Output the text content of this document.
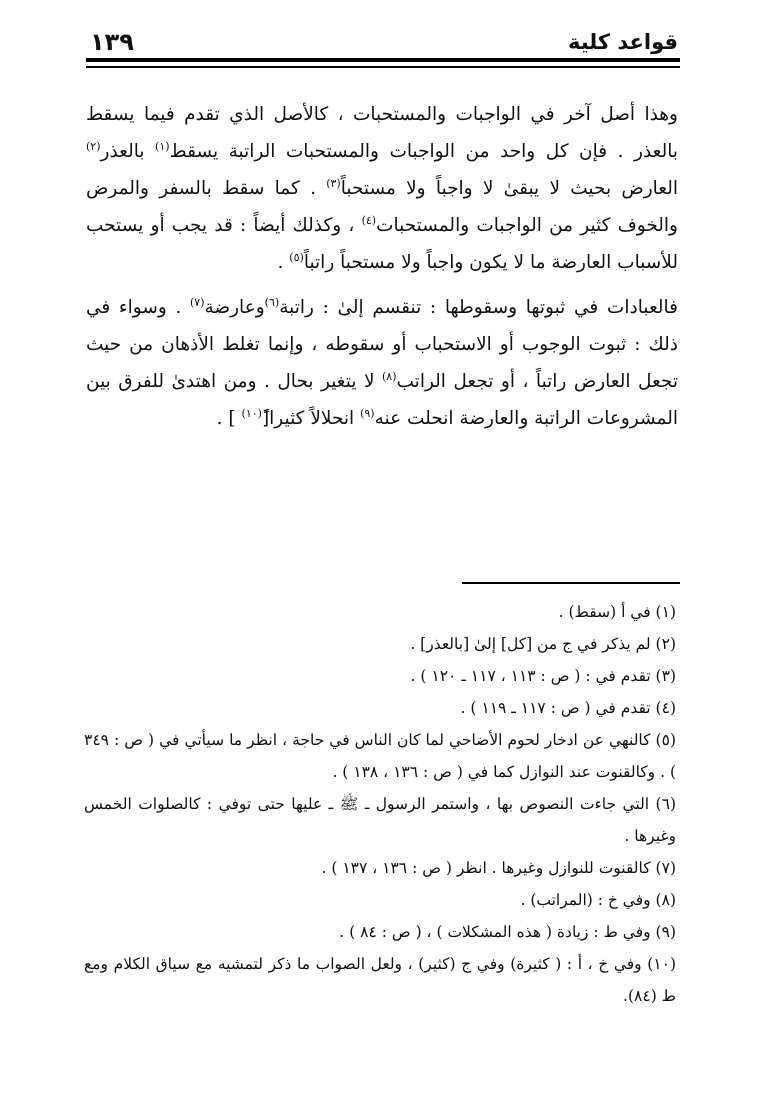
قواعد كلية
١٣٩

وهذا أصل آخر في الواجبات والمستحبات ، كالأصل الذي تقدم فيما يسقط بالعذر . فإن كل واحد من الواجبات والمستحبات الراتبة يسقط$^{(١)}$ بالعذر$^{(٢)}$ العارض بحيث لا يبقىٰ لا واجباً ولا مستحباً$^{(٣)}$ . كما سقط بالسفر والمرض والخوف كثير من الواجبات والمستحبات$^{(٤)}$ ، وكذلك أيضاً : قد يجب أو يستحب للأسباب العارضة ما لا يكون واجباً ولا مستحباً راتباً$^{(٥)}$ .

فالعبادات في ثبوتها وسقوطها : تنقسم إلىٰ : راتبة$^{(٦)}$وعارضة$^{(٧)}$ . وسواء في ذلك : ثبوت الوجوب أو الاستحباب أو سقوطه ، وإنما تغلط الأذهان من حيث تجعل العارض راتباً ، أو تجعل الراتب$^{(٨)}$ لا يتغير بحال . ومن اهتدىٰ للفرق بين المشروعات الراتبة والعارضة انحلت عنه$^{(٩)}$ انحلالاً كثيرا[ً$^{(١٠)}$ ] .

(١) في أ (سقط) .

(٢) لم يذكر في ج من [كل] إلىٰ [بالعذر] .

(٣) تقدم في : ( ص : ١١٣ ، ١١٧ ـ ١٢٠ ) .

(٤) تقدم في ( ص : ١١٧ ـ ١١٩ ) .

(٥) كالنهي عن ادخار لحوم الأضاحي لما كان الناس في حاجة ، انظر ما سيأتي في ( ص : ٣٤٩ ) . وكالقنوت عند النوازل كما في ( ص : ١٣٦ ، ١٣٨ ) .

(٦) التي جاءت النصوص بها ، واستمر الرسول ـ ﷺ ـ عليها حتى توفي : كالصلوات الخمس وغيرها .

(٧) كالقنوت للنوازل وغيرها . انظر ( ص : ١٣٦ ، ١٣٧ ) .

(٨) وفي خ : (المراتب) .

(٩) وفي ط : زيادة ( هذه المشكلات ) ، ( ص : ٨٤ ) .

(١٠) وفي خ ، أ : ( كثيرة) وفي ج (كثير) ، ولعل الصواب ما ذكر لتمشيه مع سياق الكلام ومع ط (٨٤).
